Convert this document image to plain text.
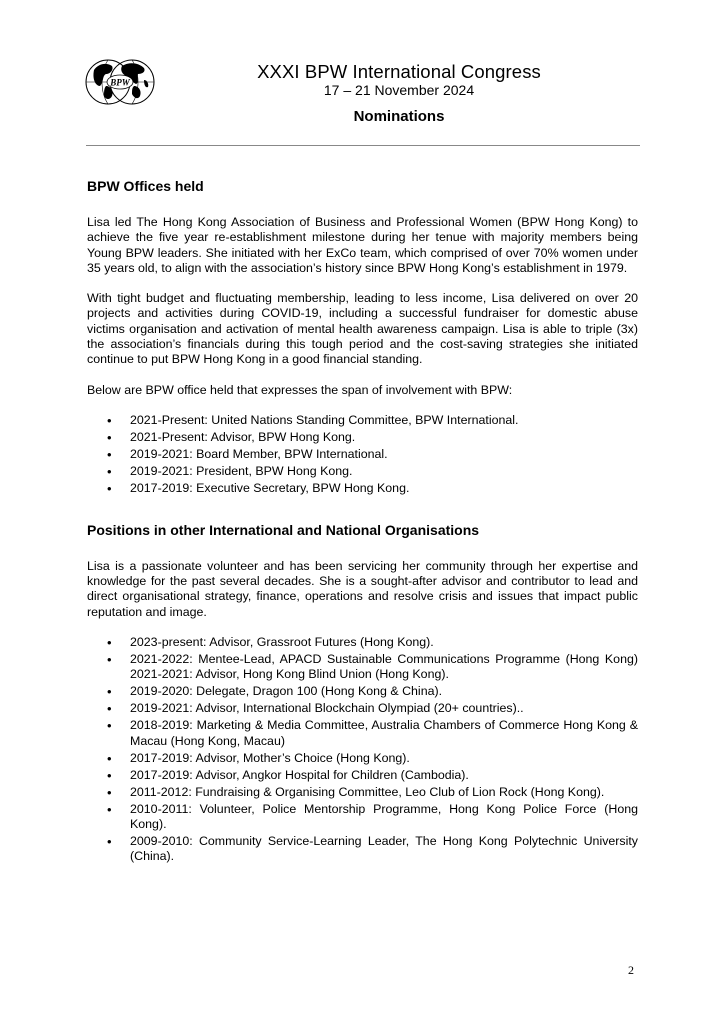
BPW
XXXI BPW International Congress
17 – 21 November 2024
Nominations
BPW Offices held

Lisa led The Hong Kong Association of Business and Professional Women (BPW Hong Kong) to achieve the five year re-establishment milestone during her tenue with majority members being Young BPW leaders. She initiated with her ExCo team, which comprised of over 70% women under 35 years old, to align with the association’s history since BPW Hong Kong’s establishment in 1979.

With tight budget and fluctuating membership, leading to less income, Lisa delivered on over 20 projects and activities during COVID-19, including a successful fundraiser for domestic abuse victims organisation and activation of mental health awareness campaign. Lisa is able to triple (3x) the association’s financials during this tough period and the cost-saving strategies she initiated continue to put BPW Hong Kong in a good financial standing.

Below are BPW office held that expresses the span of involvement with BPW:

• 2021-Present: United Nations Standing Committee, BPW International.
• 2021-Present: Advisor, BPW Hong Kong.
• 2019-2021: Board Member, BPW International.
• 2019-2021: President, BPW Hong Kong.
• 2017-2019: Executive Secretary, BPW Hong Kong.
Positions in other International and National Organisations

Lisa is a passionate volunteer and has been servicing her community through her expertise and knowledge for the past several decades. She is a sought-after advisor and contributor to lead and direct organisational strategy, finance, operations and resolve crisis and issues that impact public reputation and image.

• 2023-present: Advisor, Grassroot Futures (Hong Kong).
• 2021-2022: Mentee-Lead, APACD Sustainable Communications Programme (Hong Kong) 2021-2021: Advisor, Hong Kong Blind Union (Hong Kong).
• 2019-2020: Delegate, Dragon 100 (Hong Kong & China).
• 2019-2021: Advisor, International Blockchain Olympiad (20+ countries)..
• 2018-2019: Marketing & Media Committee, Australia Chambers of Commerce Hong Kong & Macau (Hong Kong, Macau)
• 2017-2019: Advisor, Mother’s Choice (Hong Kong).
• 2017-2019: Advisor, Angkor Hospital for Children (Cambodia).
• 2011-2012: Fundraising & Organising Committee, Leo Club of Lion Rock (Hong Kong).
• 2010-2011: Volunteer, Police Mentorship Programme, Hong Kong Police Force (Hong Kong).
• 2009-2010: Community Service-Learning Leader, The Hong Kong Polytechnic University (China).
2
